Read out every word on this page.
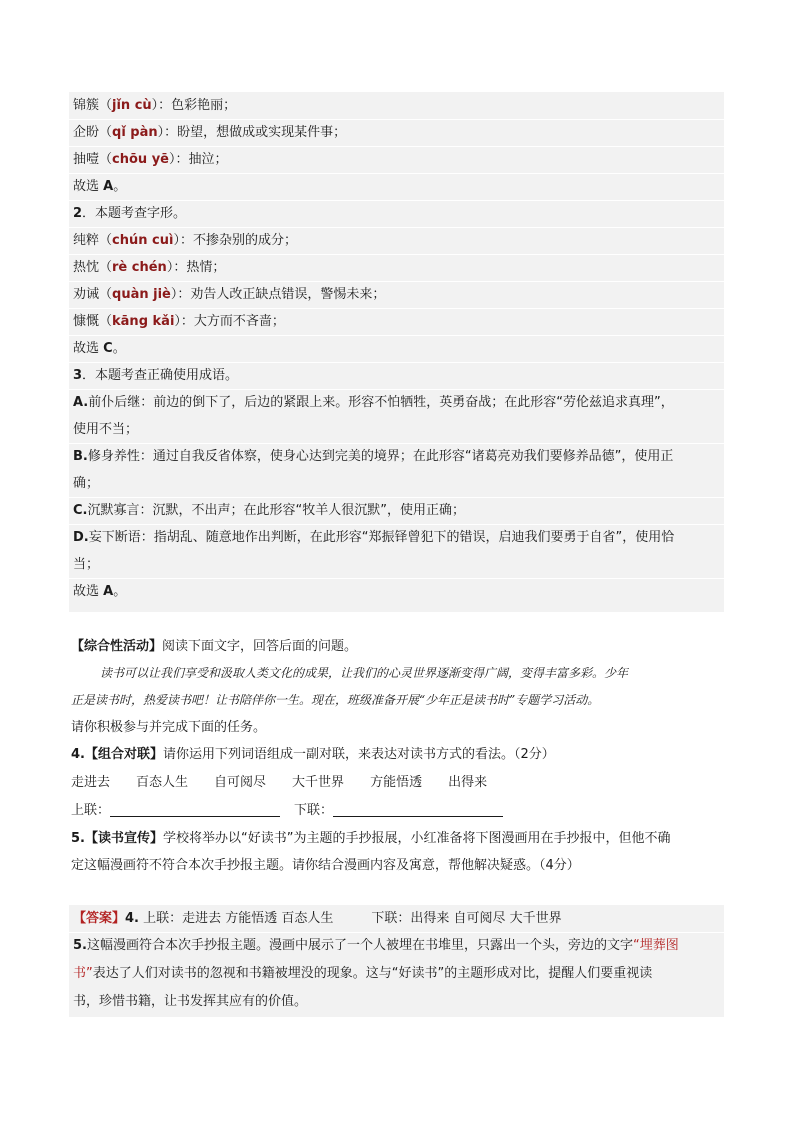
锦簇（jǐn cù）：色彩艳丽；
企盼（qǐ pàn）：盼望，想做成或实现某件事；
抽噎（chōu yē）：抽泣；
故选 A。
2．本题考查字形。
纯粹（chún cuì）：不掺杂别的成分；
热忱（rè chén）：热情；
劝诫（quàn jiè）：劝告人改正缺点错误，警惕未来；
慷慨（kāng kǎi）：大方而不吝啬；
故选 C。
3．本题考查正确使用成语。
A.前仆后继：前边的倒下了，后边的紧跟上来。形容不怕牺牲，英勇奋战；在此形容“劳伦兹追求真理”，
使用不当；
B.修身养性：通过自我反省体察，使身心达到完美的境界；在此形容“诸葛亮劝我们要修养品德”，使用正
确；
C.沉默寡言：沉默，不出声；在此形容“牧羊人很沉默”，使用正确；
D.妄下断语：指胡乱、随意地作出判断，在此形容“郑振铎曾犯下的错误，启迪我们要勇于自省”，使用恰
当；
故选 A。
【综合性活动】阅读下面文字，回答后面的问题。
读书可以让我们享受和汲取人类文化的成果，让我们的心灵世界逐渐变得广阔，变得丰富多彩。少年
正是读书时，热爱读书吧！让书陪伴你一生。现在，班级准备开展“少年正是读书时”专题学习活动。
请你积极参与并完成下面的任务。
4.【组合对联】请你运用下列词语组成一副对联，来表达对读书方式的看法。（2分）
走进去 百态人生 自可阅尽 大千世界 方能悟透 出得来
上联：	下联：
5.【读书宣传】学校将举办以“好读书”为主题的手抄报展，小红准备将下图漫画用在手抄报中，但他不确
定这幅漫画符不符合本次手抄报主题。请你结合漫画内容及寓意，帮他解决疑惑。（4分）
【答案】4. 上联：走进去 方能悟透 百态人生	下联：出得来 自可阅尽 大千世界
5.这幅漫画符合本次手抄报主题。漫画中展示了一个人被埋在书堆里，只露出一个头，旁边的文字“埋葬图
书”表达了人们对读书的忽视和书籍被埋没的现象。这与“好读书”的主题形成对比，提醒人们要重视读
书，珍惜书籍，让书发挥其应有的价值。
